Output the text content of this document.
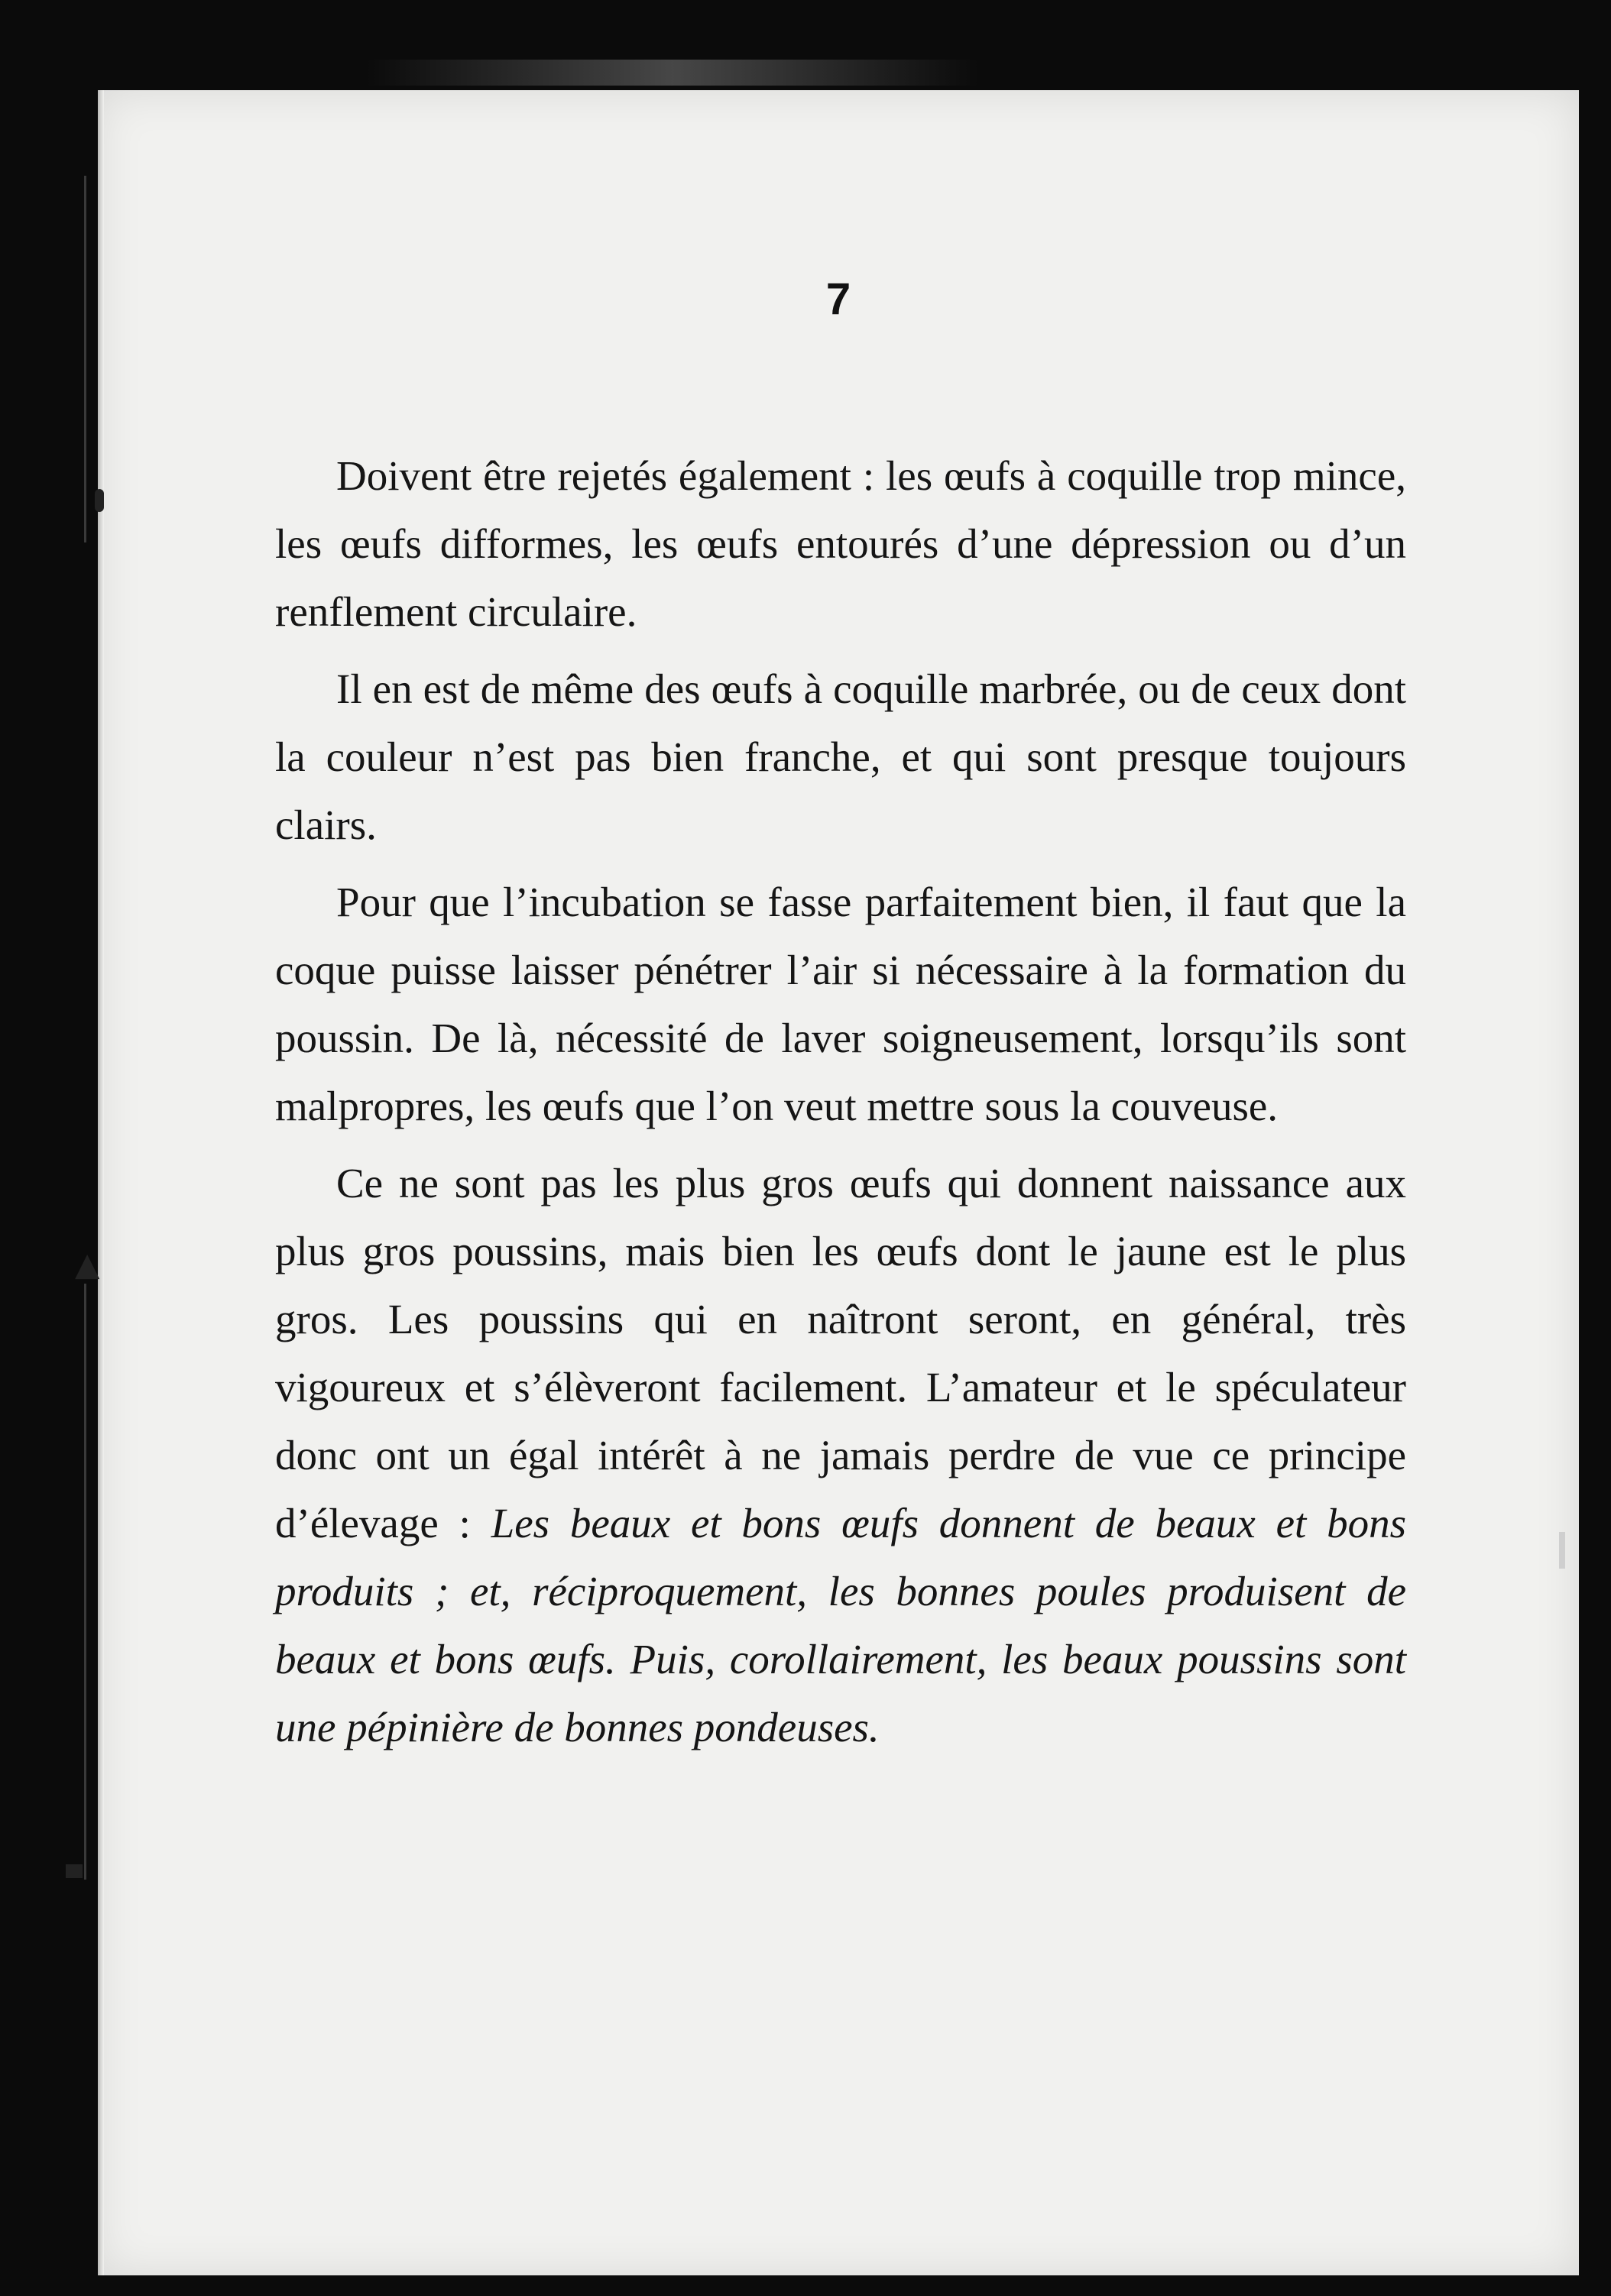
7

Doivent être rejetés également : les œufs à coquille trop mince, les œufs difformes, les œufs entourés d’une dépression ou d’un renflement circulaire.

Il en est de même des œufs à coquille marbrée, ou de ceux dont la couleur n’est pas bien franche, et qui sont presque toujours clairs.

Pour que l’incubation se fasse parfaitement bien, il faut que la coque puisse laisser pénétrer l’air si nécessaire à la formation du poussin. De là, nécessité de laver soigneusement, lorsqu’ils sont malpropres, les œufs que l’on veut mettre sous la couveuse.

Ce ne sont pas les plus gros œufs qui donnent naissance aux plus gros poussins, mais bien les œufs dont le jaune est le plus gros. Les poussins qui en naîtront seront, en général, très vigoureux et s’élèveront facilement. L’amateur et le spéculateur donc ont un égal intérêt à ne jamais perdre de vue ce principe d’élevage : Les beaux et bons œufs donnent de beaux et bons produits ; et, réciproquement, les bonnes poules produisent de beaux et bons œufs. Puis, corollairement, les beaux poussins sont une pépinière de bonnes pondeuses.

▲
